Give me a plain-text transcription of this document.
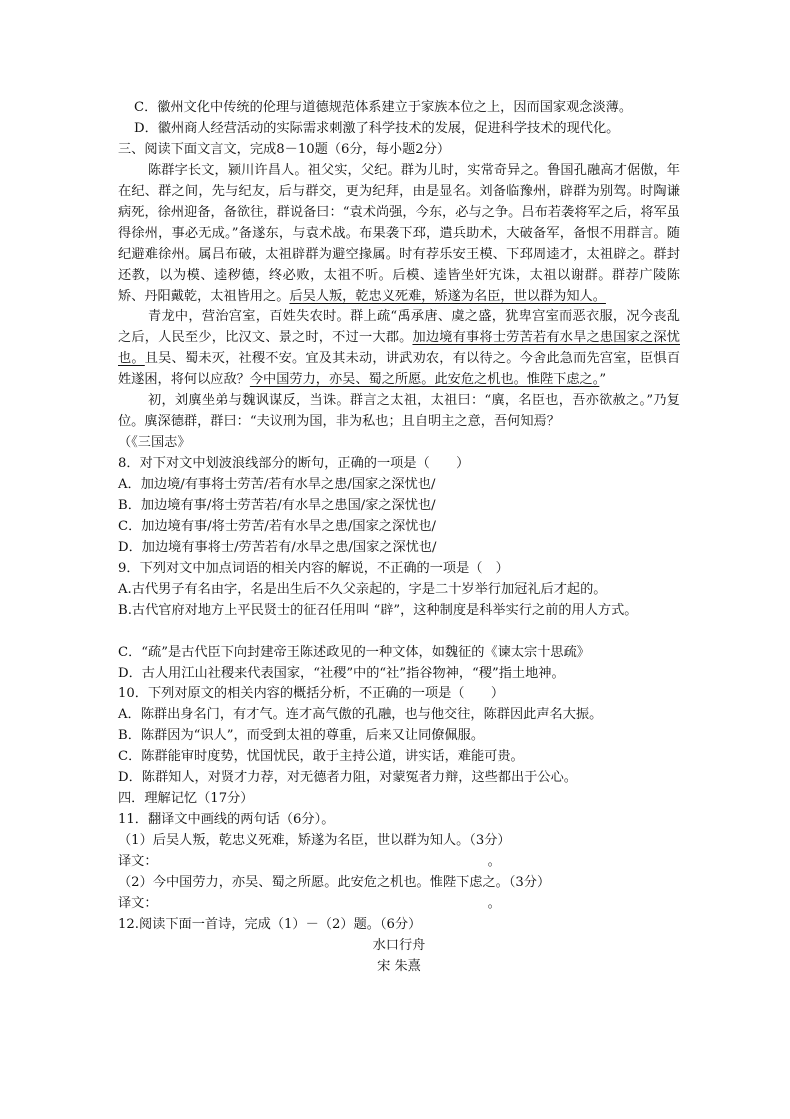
C．徽州文化中传统的伦理与道德规范体系建立于家族本位之上，因而国家观念淡薄。
D．徽州商人经营活动的实际需求刺激了科学技术的发展，促进科学技术的现代化。
三、阅读下面文言文，完成8－10题（6分，每小题2分）
陈群字长文，颍川许昌人。祖父实，父纪。群为儿时，实常奇异之。鲁国孔融高才倨傲，年在纪、群之间，先与纪友，后与群交，更为纪拜，由是显名。刘备临豫州，辟群为别驾。时陶谦病死，徐州迎备，备欲往，群说备曰：“袁术尚强，今东，必与之争。吕布若袭将军之后，将军虽得徐州，事必无成。”备遂东，与袁术战。布果袭下邳，遣兵助术，大破备军，备恨不用群言。随纪避难徐州。属吕布破，太祖辟群为避空掾属。时有荐乐安王模、下邳周逵才，太祖辟之。群封还教，以为模、逵秽德，终必败，太祖不听。后模、逵皆坐奸宄诛，太祖以谢群。群荐广陵陈矫、丹阳戴乾，太祖皆用之。后吴人叛，乾忠义死难，矫遂为名臣，世以群为知人。
青龙中，营治宫室，百姓失农时。群上疏“禹承唐、虞之盛，犹卑宫室而恶衣服，况今丧乱之后，人民至少，比汉文、景之时，不过一大郡。加边境有事将士劳苦若有水旱之患国家之深忧也。且吴、蜀未灭，社稷不安。宜及其未动，讲武劝农，有以待之。今舍此急而先宫室，臣惧百姓遂困，将何以应敌？今中国劳力，亦吴、蜀之所愿。此安危之机也。惟陛下虑之。”
初，刘廙坐弟与魏讽谋反，当诛。群言之太祖，太祖曰：“廙，名臣也，吾亦欲赦之。”乃复位。廙深德群，群曰：“夫议刑为国，非为私也；且自明主之意，吾何知焉？
（《三国志》
8．对下对文中划波浪线部分的断句，正确的一项是（　　）
A．加边境/有事将士劳苦/若有水旱之患/国家之深忧也/
B．加边境有事/将士劳苦若/有水旱之患国/家之深忧也/
C．加边境有事/将士劳苦/若有水旱之患/国家之深忧也/
D．加边境有事将士/劳苦若有/水旱之患/国家之深忧也/
9．下列对文中加点词语的相关内容的解说，不正确的一项是（　）
A.古代男子有名由字，名是出生后不久父亲起的，字是二十岁举行加冠礼后才起的。
B.古代官府对地方上平民贤士的征召任用叫 “辟”，这种制度是科举实行之前的用人方式。
C．“疏”是古代臣下向封建帝王陈述政见的一种文体，如魏征的《谏太宗十思疏》
D．古人用江山社稷来代表国家，“社稷”中的“社”指谷物神，“稷”指土地神。
10．下列对原文的相关内容的概括分析，不正确的一项是（　　）
A．陈群出身名门，有才气。连才高气傲的孔融，也与他交往，陈群因此声名大振。
B．陈群因为“识人”，而受到太祖的尊重，后来又让同僚佩服。
C．陈群能审时度势，忧国忧民，敢于主持公道，讲实话，难能可贵。
D．陈群知人，对贤才力荐，对无德者力阻，对蒙冤者力辩，这些都出于公心。
四．理解记忆（17分）
11．翻译文中画线的两句话（6分）。
（1）后吴人叛，乾忠义死难，矫遂为名臣，世以群为知人。（3分）
译文：	。
（2）今中国劳力，亦吴、蜀之所愿。此安危之机也。惟陛下虑之。（3分）
译文：	。
12.阅读下面一首诗，完成（1）－（2）题。（6分）
水口行舟
宋 朱熹
